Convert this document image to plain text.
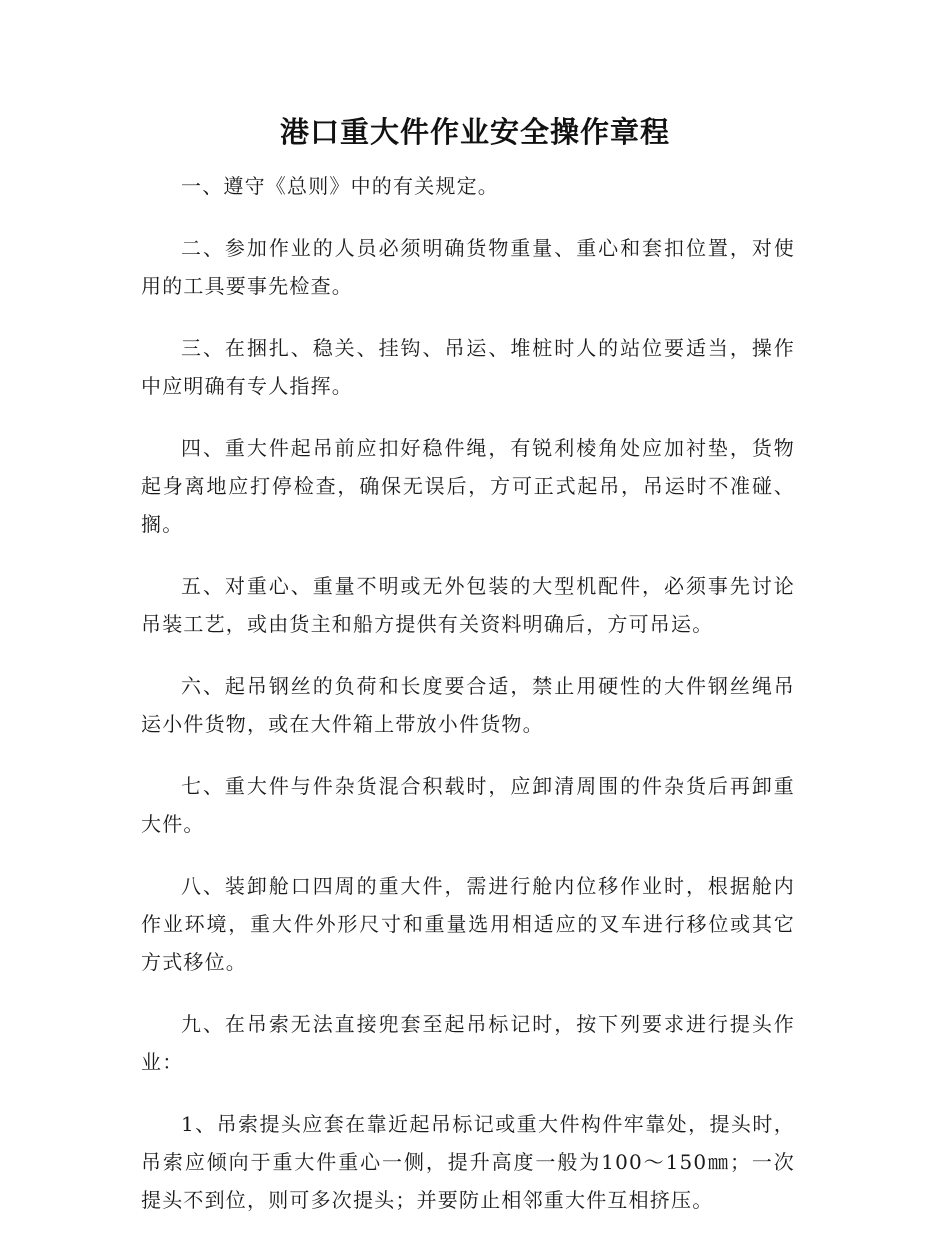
港口重大件作业安全操作章程

一、遵守《总则》中的有关规定。

二、参加作业的人员必须明确货物重量、重心和套扣位置，对使用的工具要事先检查。

三、在捆扎、稳关、挂钩、吊运、堆桩时人的站位要适当，操作中应明确有专人指挥。

四、重大件起吊前应扣好稳件绳，有锐利棱角处应加衬垫，货物起身离地应打停检查，确保无误后，方可正式起吊，吊运时不准碰、搁。

五、对重心、重量不明或无外包装的大型机配件，必须事先讨论吊装工艺，或由货主和船方提供有关资料明确后，方可吊运。

六、起吊钢丝的负荷和长度要合适，禁止用硬性的大件钢丝绳吊运小件货物，或在大件箱上带放小件货物。

七、重大件与件杂货混合积载时，应卸清周围的件杂货后再卸重大件。

八、装卸舱口四周的重大件，需进行舱内位移作业时，根据舱内作业环境，重大件外形尺寸和重量选用相适应的叉车进行移位或其它方式移位。

九、在吊索无法直接兜套至起吊标记时，按下列要求进行提头作业：

1、吊索提头应套在靠近起吊标记或重大件构件牢靠处，提头时，吊索应倾向于重大件重心一侧，提升高度一般为100～150㎜；一次提头不到位，则可多次提头；并要防止相邻重大件互相挤压。
